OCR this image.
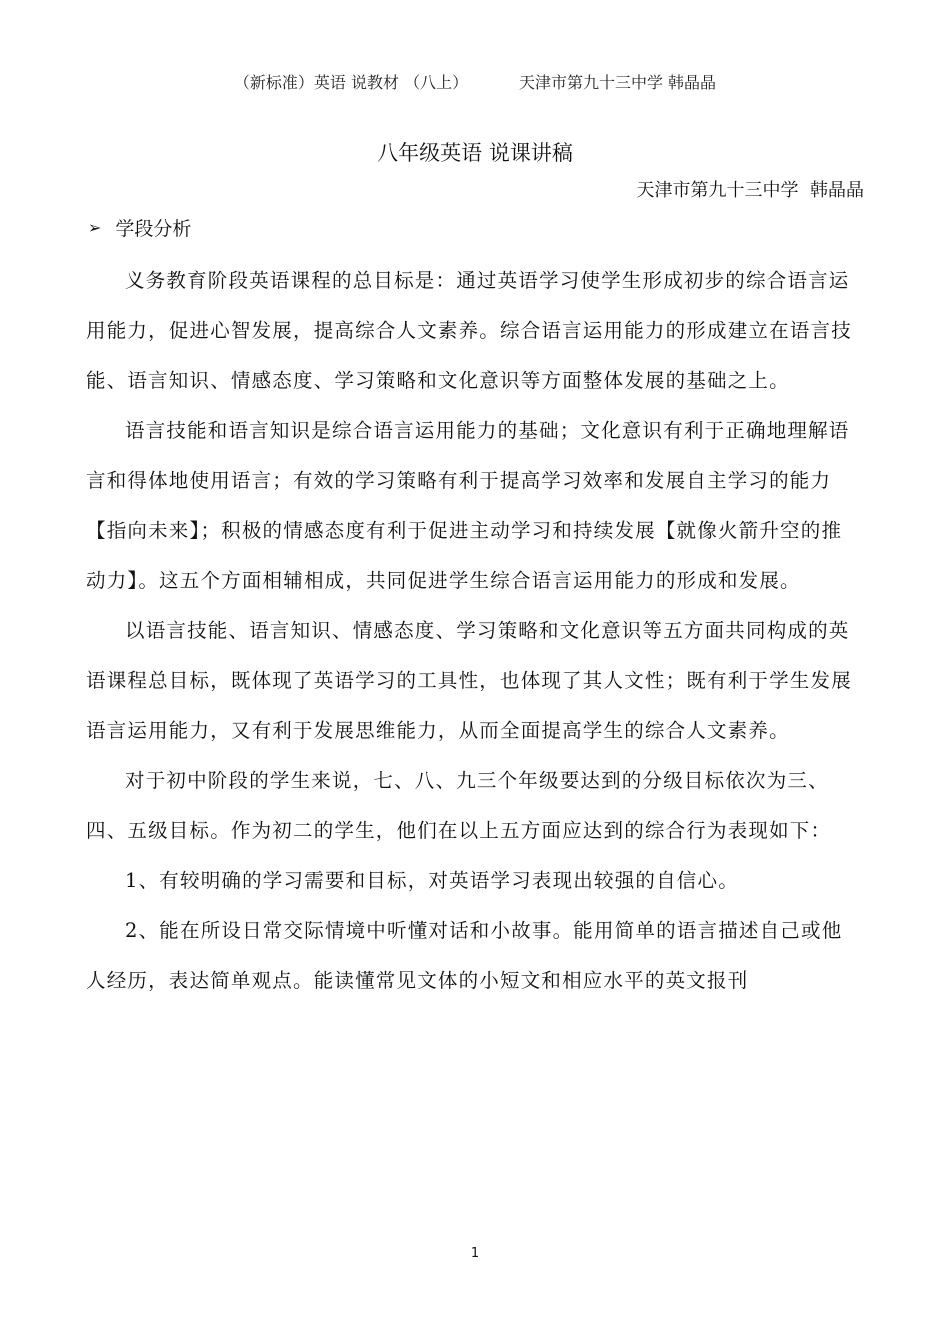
（新标准）英语 说教材 （八上）	天津市第九十三中学 韩晶晶
八年级英语 说课讲稿
天津市第九十三中学  韩晶晶
➢ 学段分析

义务教育阶段英语课程的总目标是：通过英语学习使学生形成初步的综合语言运用能力，促进心智发展，提高综合人文素养。综合语言运用能力的形成建立在语言技能、语言知识、情感态度、学习策略和文化意识等方面整体发展的基础之上。

语言技能和语言知识是综合语言运用能力的基础；文化意识有利于正确地理解语言和得体地使用语言；有效的学习策略有利于提高学习效率和发展自主学习的能力【指向未来】；积极的情感态度有利于促进主动学习和持续发展【就像火箭升空的推动力】。这五个方面相辅相成，共同促进学生综合语言运用能力的形成和发展。

以语言技能、语言知识、情感态度、学习策略和文化意识等五方面共同构成的英语课程总目标，既体现了英语学习的工具性，也体现了其人文性；既有利于学生发展语言运用能力，又有利于发展思维能力，从而全面提高学生的综合人文素养。

对于初中阶段的学生来说，七、八、九三个年级要达到的分级目标依次为三、四、五级目标。作为初二的学生，他们在以上五方面应达到的综合行为表现如下：

1、有较明确的学习需要和目标，对英语学习表现出较强的自信心。

2、能在所设日常交际情境中听懂对话和小故事。能用简单的语言描述自己或他人经历，表达简单观点。能读懂常见文体的小短文和相应水平的英文报刊

1
